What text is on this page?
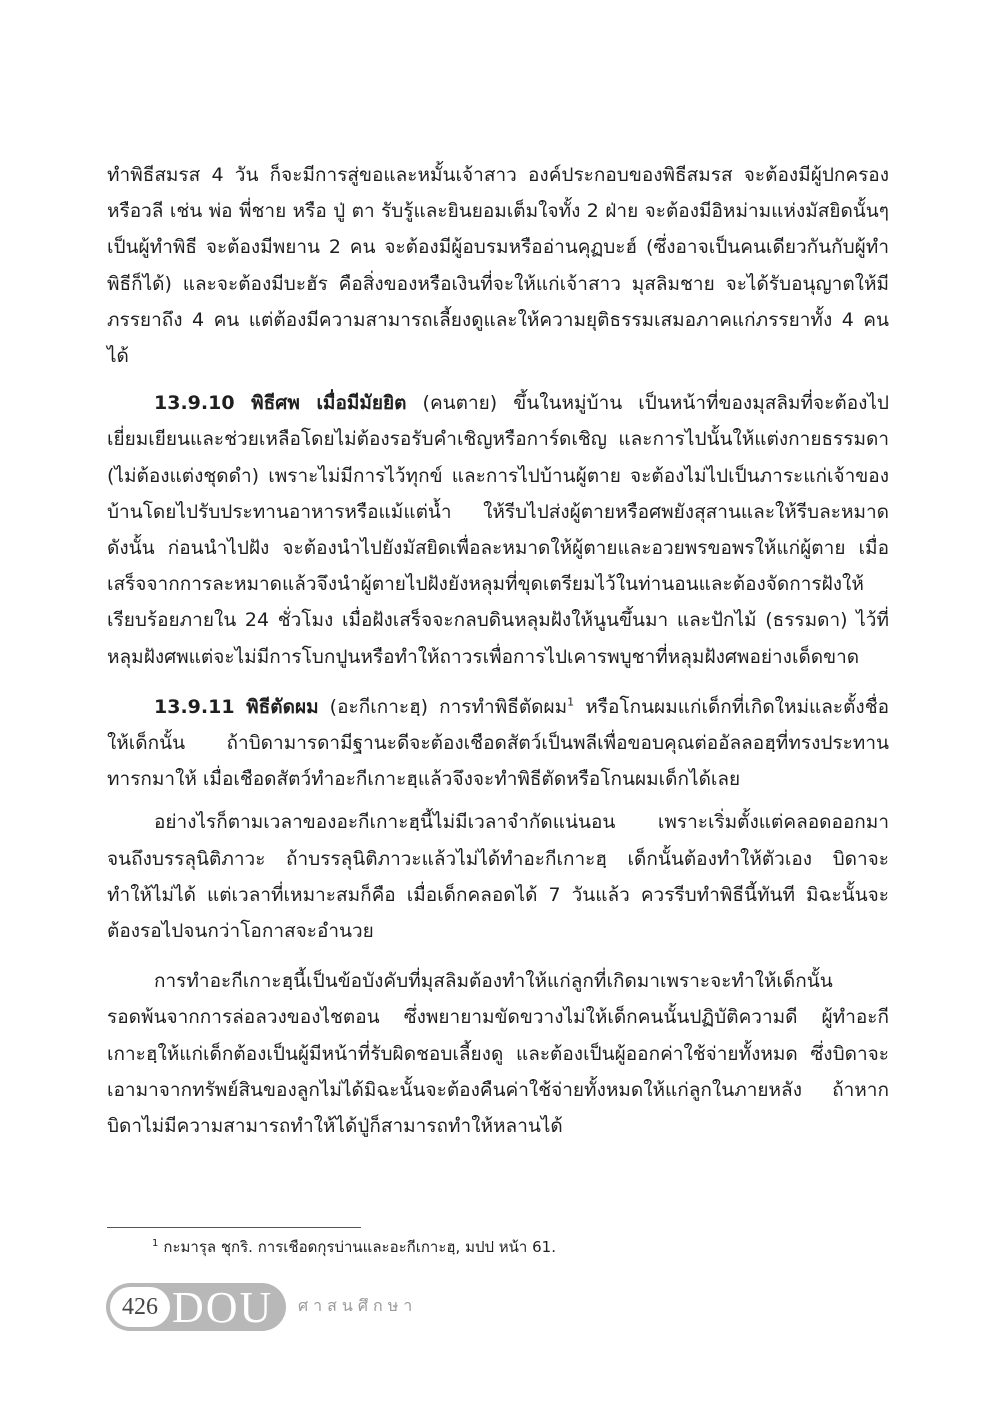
ทำพิธีสมรส 4 วัน ก็จะมีการสู่ขอและหมั้นเจ้าสาว องค์ประกอบของพิธีสมรส จะต้องมีผู้ปกครองหรือวลี เช่น พ่อ พี่ชาย หรือ ปู่ ตา รับรู้และยินยอมเต็มใจทั้ง 2 ฝ่าย จะต้องมีอิหม่ามแห่งมัสยิดนั้นๆ เป็นผู้ทำพิธี จะต้องมีพยาน 2 คน จะต้องมีผู้อบรมหรืออ่านคุฏบะฮ์ (ซึ่งอาจเป็นคนเดียวกันกับผู้ทำพิธีก็ได้) และจะต้องมีบะฮัร คือสิ่งของหรือเงินที่จะให้แก่เจ้าสาว มุสลิมชาย จะได้รับอนุญาตให้มีภรรยาถึง 4 คน แต่ต้องมีความสามารถเลี้ยงดูและให้ความยุติธรรมเสมอภาคแก่ภรรยาทั้ง 4 คนได้

13.9.10 พิธีศพ เมื่อมีมัยยิต (คนตาย) ขึ้นในหมู่บ้าน เป็นหน้าที่ของมุสลิมที่จะต้องไปเยี่ยมเยียนและช่วยเหลือโดยไม่ต้องรอรับคำเชิญหรือการ์ดเชิญ และการไปนั้นให้แต่งกายธรรมดา (ไม่ต้องแต่งชุดดำ) เพราะไม่มีการไว้ทุกข์ และการไปบ้านผู้ตาย จะต้องไม่ไปเป็นภาระแก่เจ้าของบ้านโดยไปรับประทานอาหารหรือแม้แต่น้ำ ให้รีบไปส่งผู้ตายหรือศพยังสุสานและให้รีบละหมาด ดังนั้น ก่อนนำไปฝัง จะต้องนำไปยังมัสยิดเพื่อละหมาดให้ผู้ตายและอวยพรขอพรให้แก่ผู้ตาย เมื่อเสร็จจากการละหมาดแล้วจึงนำผู้ตายไปฝังยังหลุมที่ขุดเตรียมไว้ในท่านอนและต้องจัดการฝังให้เรียบร้อยภายใน 24 ชั่วโมง เมื่อฝังเสร็จจะกลบดินหลุมฝังให้นูนขึ้นมา และปักไม้ (ธรรมดา) ไว้ที่หลุมฝังศพแต่จะไม่มีการโบกปูนหรือทำให้ถาวรเพื่อการไปเคารพบูชาที่หลุมฝังศพอย่างเด็ดขาด

13.9.11 พิธีตัดผม (อะกีเกาะฮฺ) การทำพิธีตัดผม$^1$ หรือโกนผมแก่เด็กที่เกิดใหม่และตั้งชื่อให้เด็กนั้น ถ้าบิดามารดามีฐานะดีจะต้องเชือดสัตว์เป็นพลีเพื่อขอบคุณต่ออัลลอฮฺที่ทรงประทานทารกมาให้ เมื่อเชือดสัตว์ทำอะกีเกาะฮฺแล้วจึงจะทำพิธีตัดหรือโกนผมเด็กได้เลย

อย่างไรก็ตามเวลาของอะกีเกาะฮฺนี้ไม่มีเวลาจำกัดแน่นอน เพราะเริ่มตั้งแต่คลอดออกมาจนถึงบรรลุนิติภาวะ ถ้าบรรลุนิติภาวะแล้วไม่ได้ทำอะกีเกาะฮฺ เด็กนั้นต้องทำให้ตัวเอง บิดาจะทำให้ไม่ได้ แต่เวลาที่เหมาะสมก็คือ เมื่อเด็กคลอดได้ 7 วันแล้ว ควรรีบทำพิธีนี้ทันที มิฉะนั้นจะต้องรอไปจนกว่าโอกาสจะอำนวย

การทำอะกีเกาะฮฺนี้เป็นข้อบังคับที่มุสลิมต้องทำให้แก่ลูกที่เกิดมาเพราะจะทำให้เด็กนั้นรอดพ้นจากการล่อลวงของไชตอน ซึ่งพยายามขัดขวางไม่ให้เด็กคนนั้นปฏิบัติความดี ผู้ทำอะกีเกาะฮฺให้แก่เด็กต้องเป็นผู้มีหน้าที่รับผิดชอบเลี้ยงดู และต้องเป็นผู้ออกค่าใช้จ่ายทั้งหมด ซึ่งบิดาจะเอามาจากทรัพย์สินของลูกไม่ได้มิฉะนั้นจะต้องคืนค่าใช้จ่ายทั้งหมดให้แก่ลูกในภายหลัง ถ้าหากบิดาไม่มีความสามารถทำให้ได้ปู่ก็สามารถทำให้หลานได้

$^1$ กะมารุล ชุกริ. การเชือดกุรบ่านและอะกีเกาะฮฺ, มปป หน้า 61.
426 DOU ศาสนศึกษา
